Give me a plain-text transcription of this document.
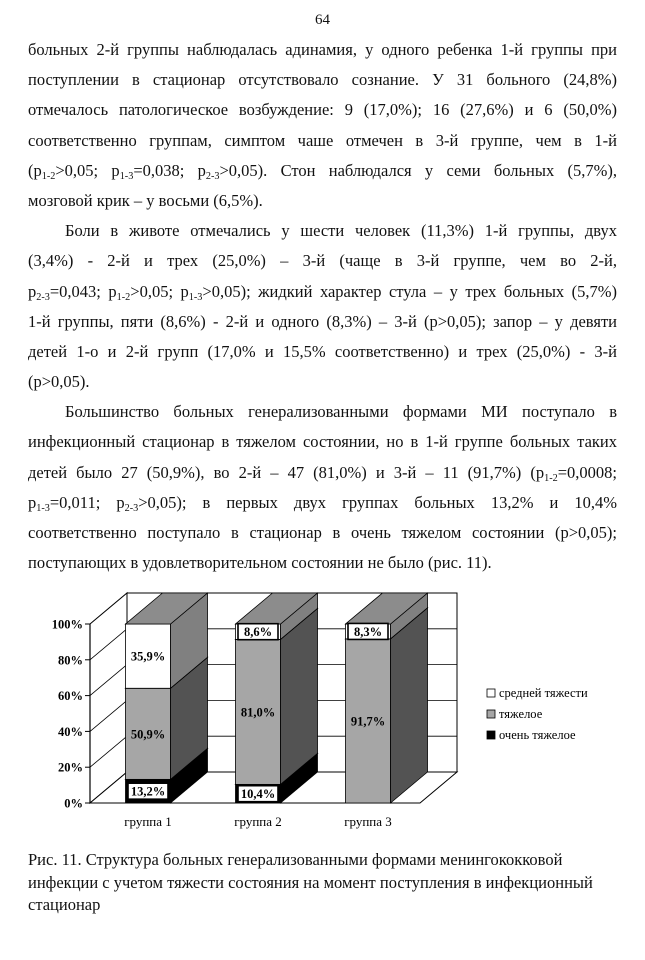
64
больных 2-й группы наблюдалась адинамия, у одного ребенка 1-й группы при
поступлении в стационар отсутствовало сознание. У 31 больного (24,8%)
отмечалось патологическое возбуждение: 9 (17,0%); 16 (27,6%) и 6 (50,0%)
соответственно группам, симптом чаше отмечен в 3-й группе, чем в 1-й
($p_{1-2}>0,05$; $p_{1-3}=0,038$; $p_{2-3}>0,05$). Стон наблюдался у семи больных (5,7%),
мозговой крик – у восьми (6,5%).
Боли в животе отмечались у шести человек (11,3%) 1-й группы, двух
(3,4%) - 2-й и трех (25,0%) – 3-й (чаще в 3-й группе, чем во 2-й,
$p_{2-3}=0,043$; $p_{1-2}>0,05$; $p_{1-3}>0,05$); жидкий характер стула – у трех больных (5,7%)
1-й группы, пяти (8,6%) - 2-й и одного (8,3%) – 3-й (p>0,05); запор – у девяти
детей 1-о и 2-й групп (17,0% и 15,5% соответственно) и трех (25,0%) - 3-й
(p>0,05).
Большинство больных генерализованными формами МИ поступало в
инфекционный стационар в тяжелом состоянии, но в 1-й группе больных таких
детей было 27 (50,9%), во 2-й – 47 (81,0%) и 3-й – 11 (91,7%) ($p_{1-2}=0,0008$;
$p_{1-3}=0,011$; $p_{2-3}>0,05$); в первых двух группах больных 13,2% и 10,4%
соответственно поступало в стационар в очень тяжелом состоянии (p>0,05);
поступающих в удовлетворительном состоянии не было (рис. 11).
0%
20%
40%
60%
80%
100%
13,2%
50,9%
35,9%
группа 1
10,4%
81,0%
8,6%
группа 2
91,7%
8,3%
группа 3
средней тяжести
тяжелое
очень тяжелое
Рис. 11. Структура больных генерализованными формами менингококковой
инфекции с учетом тяжести состояния на момент поступления в инфекционный
стационар
